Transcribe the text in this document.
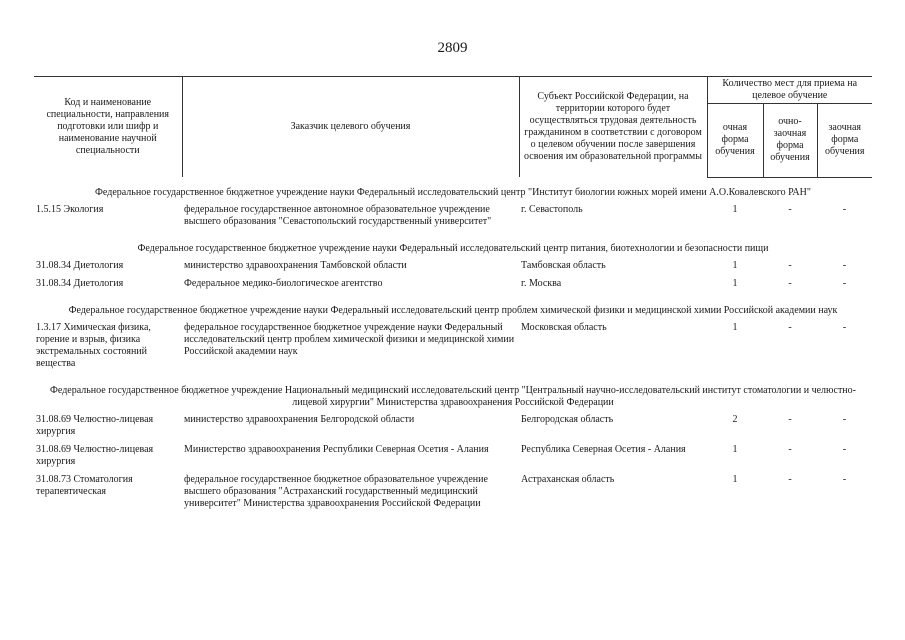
2809
Код и наименование специальности, направления подготовки или шифр и наименование научной специальности	Заказчик целевого обучения	Субъект Российской Федерации, на территории которого будет осуществляться трудовая деятельность гражданином в соответствии с договором о целевом обучении после завершения освоения им образовательной программы	Количество мест для приема на целевое обучение		
			очная форма обучения	очно-заочная форма обучения	заочная форма обучения
Федеральное государственное бюджетное учреждение науки Федеральный исследовательский центр "Институт биологии южных морей имени А.О.Ковалевского РАН"					
1.5.15 Экология	федеральное государственное автономное образовательное учреждение высшего образования "Севастопольский государственный университет"	г. Севастополь	1	-	-
Федеральное государственное бюджетное учреждение науки Федеральный исследовательский центр питания, биотехнологии и безопасности пищи					
31.08.34 Диетология	министерство здравоохранения Тамбовской области	Тамбовская область	1	-	-
31.08.34 Диетология	Федеральное медико-биологическое агентство	г. Москва	1	-	-
Федеральное государственное бюджетное учреждение науки Федеральный исследовательский центр проблем химической физики и медицинской химии Российской академии наук					
1.3.17 Химическая физика, горение и взрыв, физика экстремальных состояний вещества	федеральное государственное бюджетное учреждение науки Федеральный исследовательский центр проблем химической физики и медицинской химии Российской академии наук	Московская область	1	-	-
Федеральное государственное бюджетное учреждение Национальный медицинский исследовательский центр "Центральный научно-исследовательский институт стоматологии и челюстно-лицевой хирургии" Министерства здравоохранения Российской Федерации					
31.08.69 Челюстно-лицевая хирургия	министерство здравоохранения Белгородской области	Белгородская область	2	-	-
31.08.69 Челюстно-лицевая хирургия	Министерство здравоохранения Республики Северная Осетия - Алания	Республика Северная Осетия - Алания	1	-	-
31.08.73 Стоматология терапевтическая	федеральное государственное бюджетное образовательное учреждение высшего образования "Астраханский государственный медицинский университет" Министерства здравоохранения Российской Федерации	Астраханская область	1	-	-
